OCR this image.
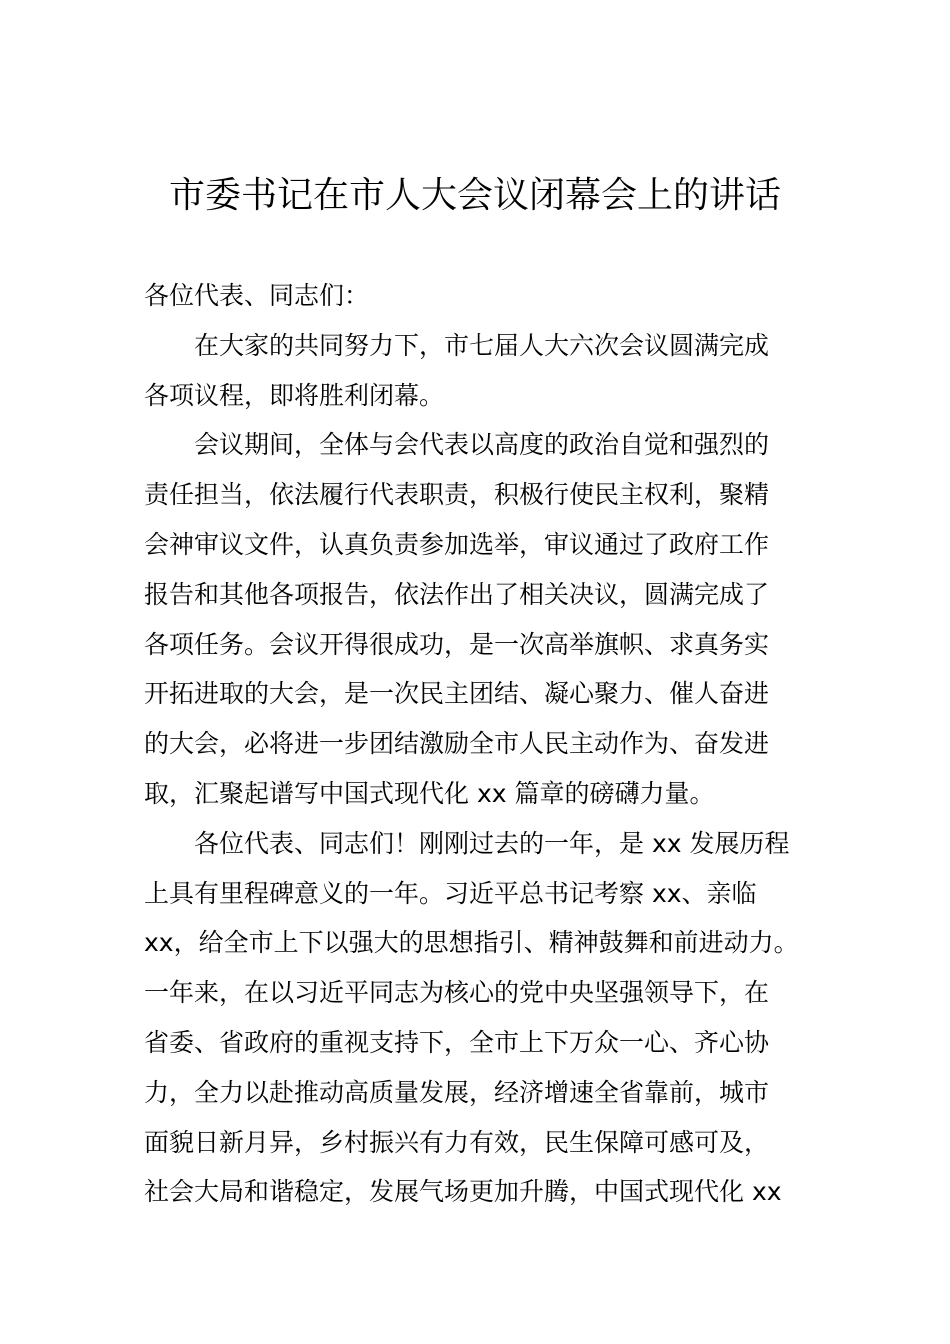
市委书记在市人大会议闭幕会上的讲话
各位代表、同志们：
在大家的共同努力下，市七届人大六次会议圆满完成
各项议程，即将胜利闭幕。
会议期间，全体与会代表以高度的政治自觉和强烈的
责任担当，依法履行代表职责，积极行使民主权利，聚精
会神审议文件，认真负责参加选举，审议通过了政府工作
报告和其他各项报告，依法作出了相关决议，圆满完成了
各项任务。会议开得很成功，是一次高举旗帜、求真务实
开拓进取的大会，是一次民主团结、凝心聚力、催人奋进
的大会，必将进一步团结激励全市人民主动作为、奋发进
取，汇聚起谱写中国式现代化 xx 篇章的磅礴力量。
各位代表、同志们！刚刚过去的一年，是 xx 发展历程
上具有里程碑意义的一年。习近平总书记考察 xx、亲临
xx，给全市上下以强大的思想指引、精神鼓舞和前进动力。
一年来，在以习近平同志为核心的党中央坚强领导下，在
省委、省政府的重视支持下，全市上下万众一心、齐心协
力，全力以赴推动高质量发展，经济增速全省靠前，城市
面貌日新月异，乡村振兴有力有效，民生保障可感可及，
社会大局和谐稳定，发展气场更加升腾，中国式现代化 xx
